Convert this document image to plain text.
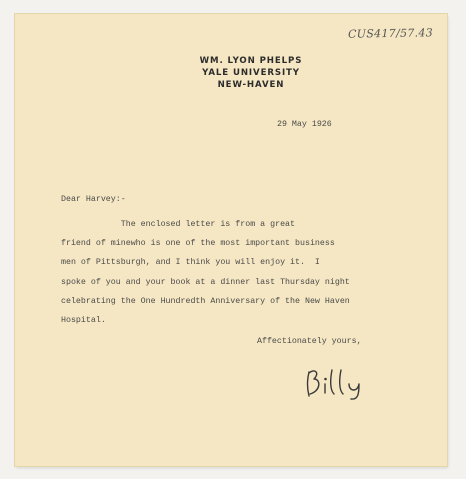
CUS417/57.43
WM. LYON PHELPS
YALE UNIVERSITY
NEW-HAVEN
29 May 1926
Dear Harvey:-
The enclosed letter is from a great
friend of minewho is one of the most important business
men of Pittsburgh, and I think you will enjoy it.  I
spoke of you and your book at a dinner last Thursday night
celebrating the One Hundredth Anniversary of the New Haven
Hospital.
Affectionately yours,
